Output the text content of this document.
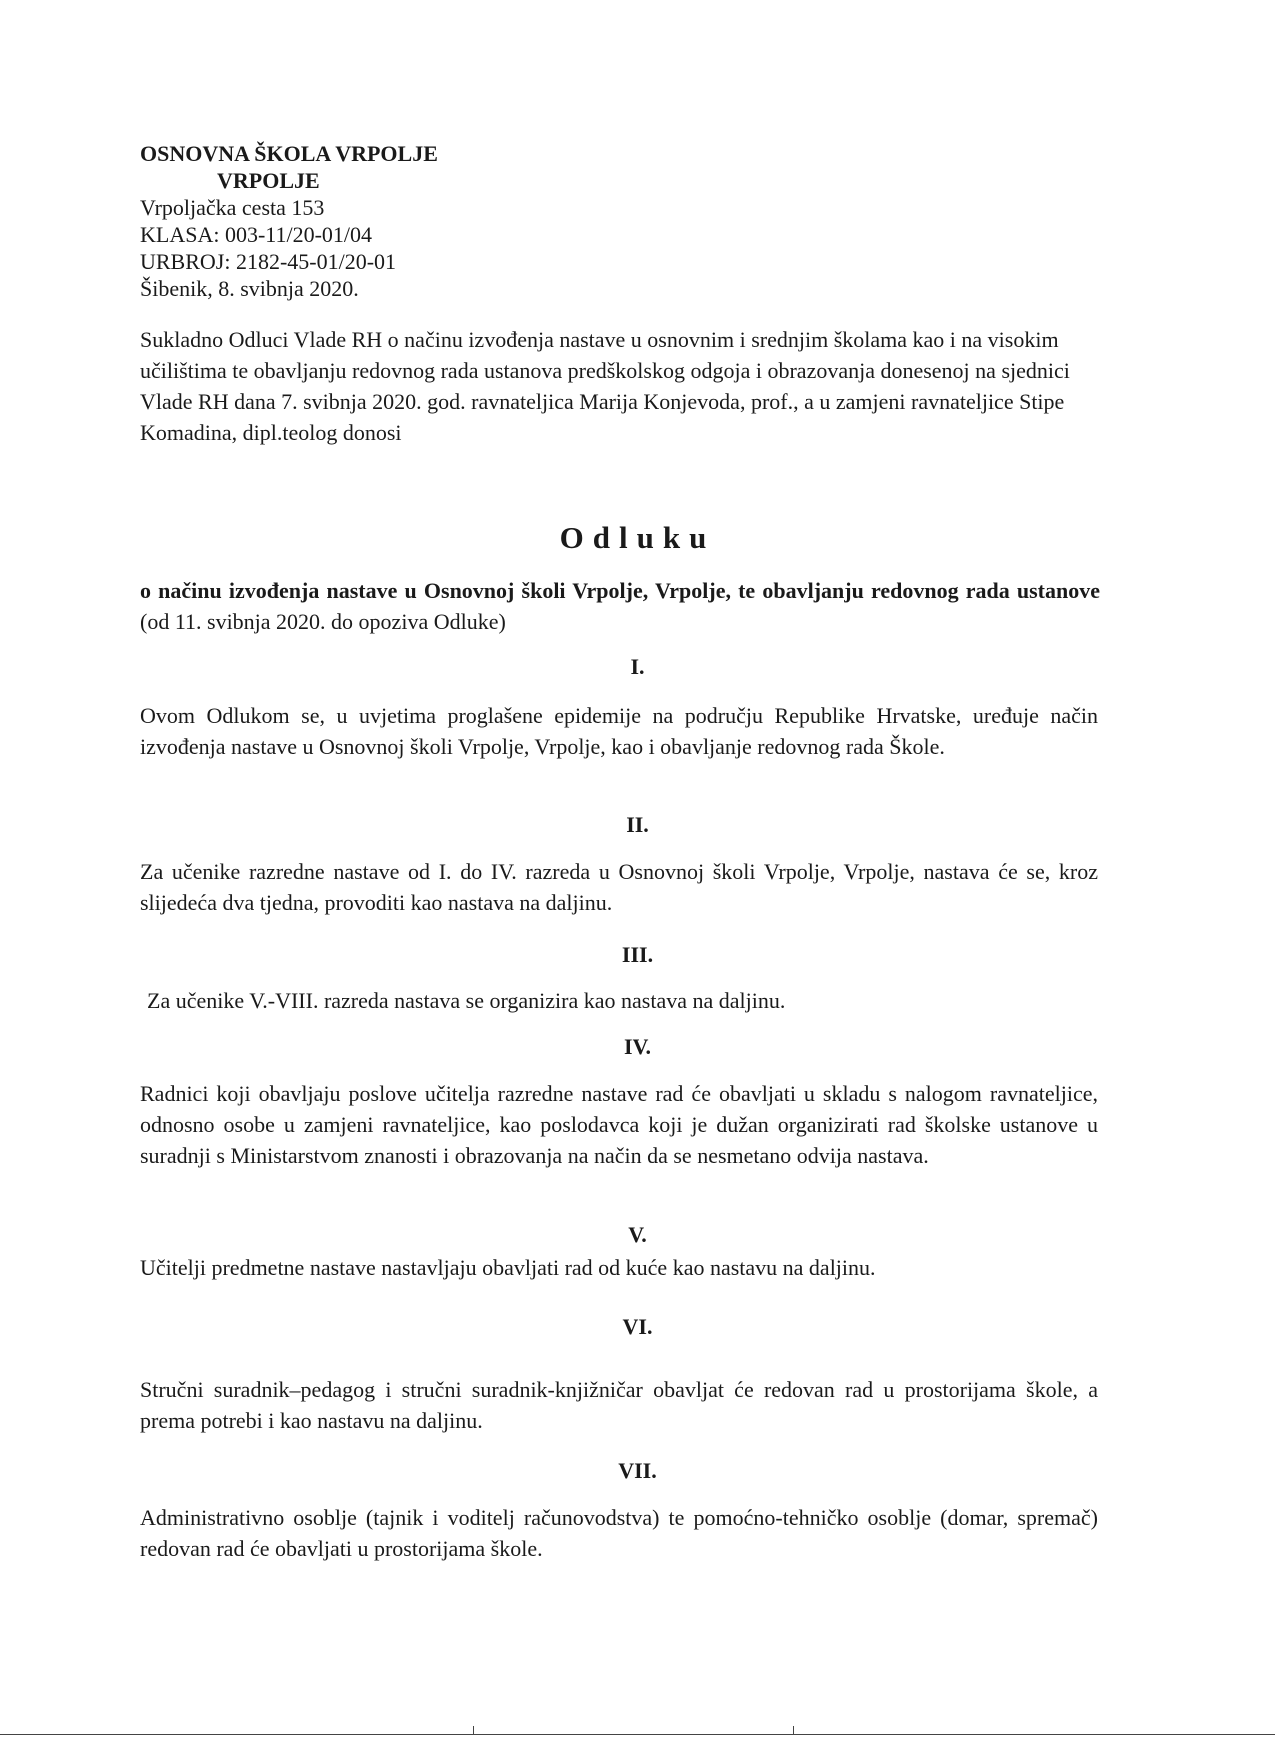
OSNOVNA ŠKOLA VRPOLJE
VRPOLJE
Vrpoljačka cesta 153
KLASA: 003-11/20-01/04
URBROJ: 2182-45-01/20-01
Šibenik, 8. svibnja 2020.
Sukladno Odluci Vlade RH o načinu izvođenja nastave u osnovnim i srednjim školama kao i na visokim učilištima te obavljanju redovnog rada ustanova predškolskog odgoja i obrazovanja donesenoj na sjednici Vlade RH dana 7. svibnja 2020. god. ravnateljica Marija Konjevoda, prof., a u zamjeni ravnateljice Stipe Komadina, dipl.teolog donosi
Odluku
o načinu izvođenja nastave u Osnovnoj školi Vrpolje, Vrpolje, te obavljanju redovnog rada ustanove (od 11. svibnja 2020. do opoziva Odluke)
I.
Ovom Odlukom se, u uvjetima proglašene epidemije na području Republike Hrvatske, uređuje način izvođenja nastave u Osnovnoj školi Vrpolje, Vrpolje, kao i obavljanje redovnog rada Škole.
II.
Za učenike razredne nastave od I. do IV. razreda u Osnovnoj školi Vrpolje, Vrpolje, nastava će se, kroz slijedeća dva tjedna, provoditi kao nastava na daljinu.
III.
Za učenike V.-VIII. razreda nastava se organizira kao nastava na daljinu.
IV.
Radnici koji obavljaju poslove učitelja razredne nastave rad će obavljati u skladu s nalogom ravnateljice, odnosno osobe u zamjeni ravnateljice, kao poslodavca koji je dužan organizirati rad školske ustanove u suradnji s Ministarstvom znanosti i obrazovanja na način da se nesmetano odvija nastava.
V.
Učitelji predmetne nastave nastavljaju obavljati rad od kuće kao nastavu na daljinu.
VI.
Stručni suradnik–pedagog i stručni suradnik-knjižničar obavljat će redovan rad u prostorijama škole, a prema potrebi i kao nastavu na daljinu.
VII.
Administrativno osoblje (tajnik i voditelj računovodstva) te pomoćno-tehničko osoblje (domar, spremač) redovan rad će obavljati u prostorijama škole.
